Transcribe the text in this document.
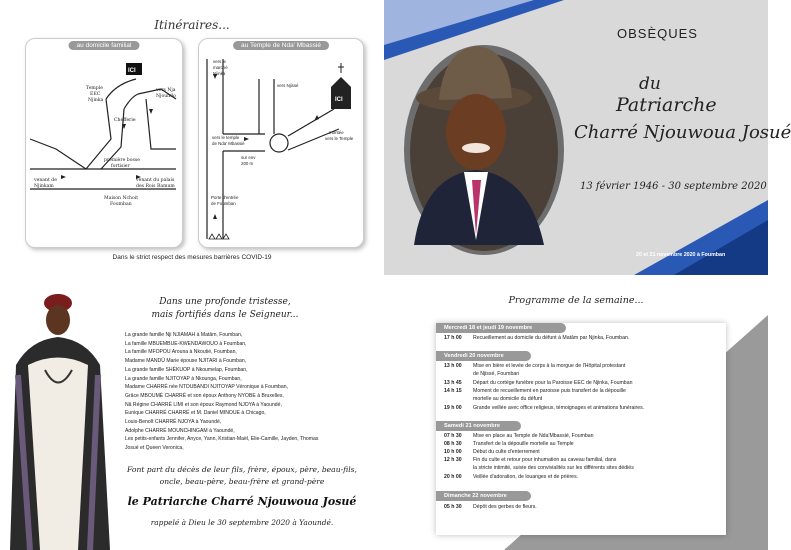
Itinéraires...
ICI
Temple
EEC
Njinka
vers Nja
Njoundo
Chefferie
première bosse
fortisier
venant de
Njinkam
venant du palais
des Rois Bamum
Maison Nchoit
Foumban
au domicile familial
ICI
vers le
marché
Njinka
vers Njissé
vers le temple
de Nda' Mbassié
montée
vers le Temple
sur env
200 m
Porte d'entrée
de Foumban
au Temple de Nda' Mbassié
Dans le strict respect des mesures barrières COVID-19
OBSÈQUES
du
Patriarche
Charré Njouwoua Josué
13 février 1946 - 30 septembre 2020
20 et 21 novembre 2020 à Foumban
Dans une profonde tristesse,
mais fortifiés dans le Seigneur...
La grande famille Nji NJIAMAH à Matâm, Foumban,
La famille MBUEMBUE-KWENDAWOUO à Foumban,
La famille MFOPOU Arouna à Nkoutié, Foumban,
Madame MANDÙ Marie épouse NJITARI à Foumban,
La grande famille SHÈKUOP à Nkoumelap, Foumban,
La grande famille NJITOYAP à Nkounga, Foumban,
Madame CHARRÉ née NTOUBANDI NJITOYAP Véronique à Foumban,
Grâce MBOUMÉ CHARRÉ et son époux Anthony NYOBE à Bruxelles,
Nâ Régine CHARRÉ LIMI et son époux Raymond NJOYA à Yaoundé,
Eunique CHARRÉ CHARRÉ et M. Daniel MINOUE à Chicago,
Louis-Benoît CHARRÉ NJOYA à Yaoundé,
Adolphe CHARRÉ MOUNCHINGAM à Yaoundé,
Les petits-enfants Jennifer, Anyce, Yann, Kristian-Maël, Elie-Camille, Jayden, Thomas
Josué et Queen Veronica,
Font part du décès de leur fils, frère, époux, père, beau-fils,
oncle, beau-père, beau-frère et grand-père
le Patriarche Charré Njouwoua Josué
rappelé à Dieu le 30 septembre 2020 à Yaoundé.
Programme de la semaine...
Mercredi 18 et jeudi 19 novembre
17 h 00	Recueillement au domicile du défunt à Matâm par Njinka, Foumban.
Vendredi 20 novembre
13 h 00	Mise en bière et levée de corps à la morgue de l'Hôpital protestant
de Njissé, Foumban
13 h 45	Départ du cortège funèbre pour la Paroisse EEC de Njinka, Foumban
14 h 15	Moment de recueillement en paroisse puis transfert de la dépouille
mortelle au domicile du défunt
19 h 00	Grande veillée avec office religieux, témoignages et animations funéraires.
Samedi 21 novembre
07 h 30	Mise en place au Temple de Nda'Mbassié, Foumban
08 h 30	Transfert de la dépouille mortelle au Temple
10 h 00	Début du culte d'enterrement
12 h 30	Fin du culte et retour pour inhumation au caveau familial, dans
la stricte intimité, suivie des convivialités sur les différents sites dédiés
20 h 00	Veillée d'adoration, de louanges et de prières.
Dimanche 22 novembre
05 h 30	Dépôt des gerbes de fleurs.
